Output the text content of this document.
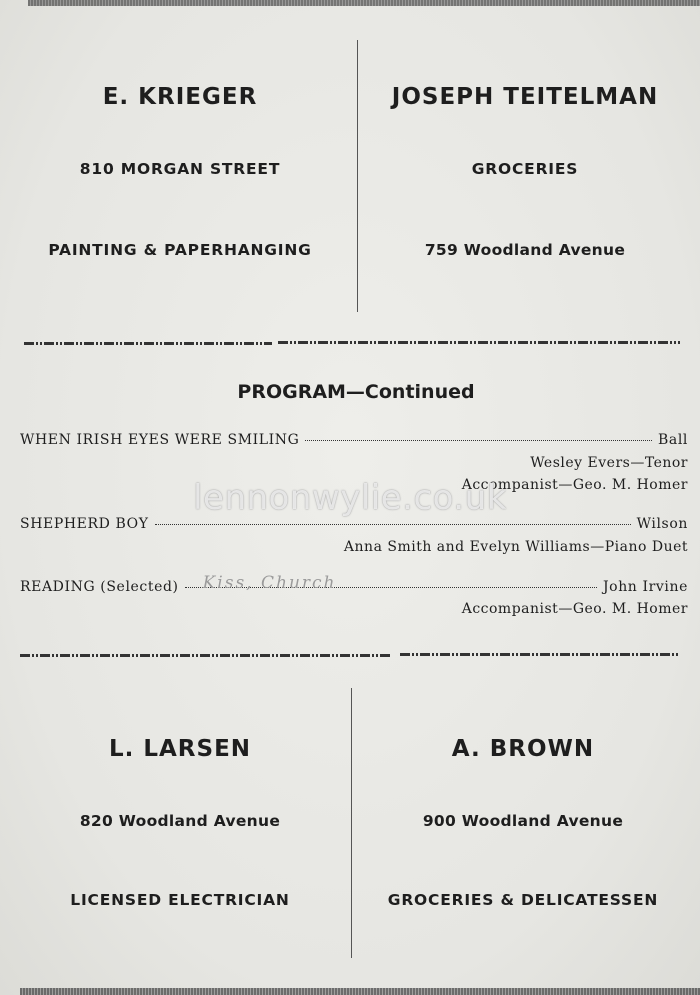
E. KRIEGER
810 MORGAN STREET
PAINTING & PAPERHANGING
JOSEPH TEITELMAN
GROCERIES
759 Woodland Avenue
PROGRAM—Continued
WHEN IRISH EYES WERE SMILING	Ball
Wesley Evers—Tenor
Accompanist—Geo. M. Homer
SHEPHERD BOY	Wilson
Anna Smith and Evelyn Williams—Piano Duet
READING (Selected) Kiss, Church	John Irvine
Accompanist—Geo. M. Homer
lennonwylie.co.uk
L. LARSEN
820 Woodland Avenue
LICENSED ELECTRICIAN
A. BROWN
900 Woodland Avenue
GROCERIES & DELICATESSEN
